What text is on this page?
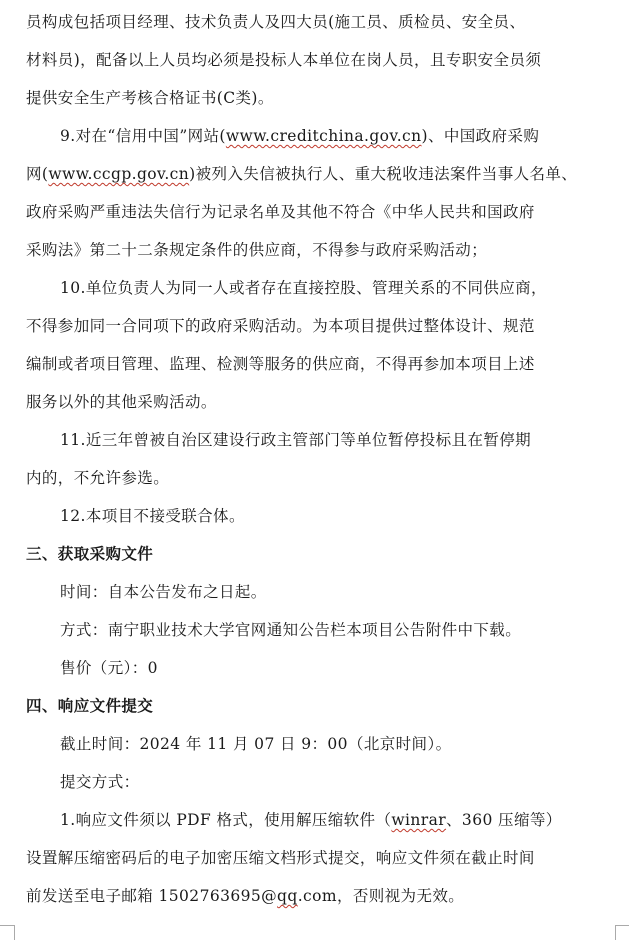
员构成包括项目经理、技术负责人及四大员(施工员、质检员、安全员、
材料员)，配备以上人员均必须是投标人本单位在岗人员，且专职安全员须
提供安全生产考核合格证书(C类)。
9.对在“信用中国”网站(www.creditchina.gov.cn)、中国政府采购
网(www.ccgp.gov.cn)被列入失信被执行人、重大税收违法案件当事人名单、
政府采购严重违法失信行为记录名单及其他不符合《中华人民共和国政府
采购法》第二十二条规定条件的供应商，不得参与政府采购活动；
10.单位负责人为同一人或者存在直接控股、管理关系的不同供应商，
不得参加同一合同项下的政府采购活动。为本项目提供过整体设计、规范
编制或者项目管理、监理、检测等服务的供应商，不得再参加本项目上述
服务以外的其他采购活动。
11.近三年曾被自治区建设行政主管部门等单位暂停投标且在暂停期
内的，不允许参选。
12.本项目不接受联合体。
三、获取采购文件
时间：自本公告发布之日起。
方式：南宁职业技术大学官网通知公告栏本项目公告附件中下载。
售价（元）：0
四、响应文件提交
截止时间：2024 年 11 月 07 日 9：00（北京时间）。
提交方式：
1.响应文件须以 PDF 格式，使用解压缩软件（winrar、360 压缩等）
设置解压缩密码后的电子加密压缩文档形式提交，响应文件须在截止时间
前发送至电子邮箱 1502763695@qq.com，否则视为无效。
